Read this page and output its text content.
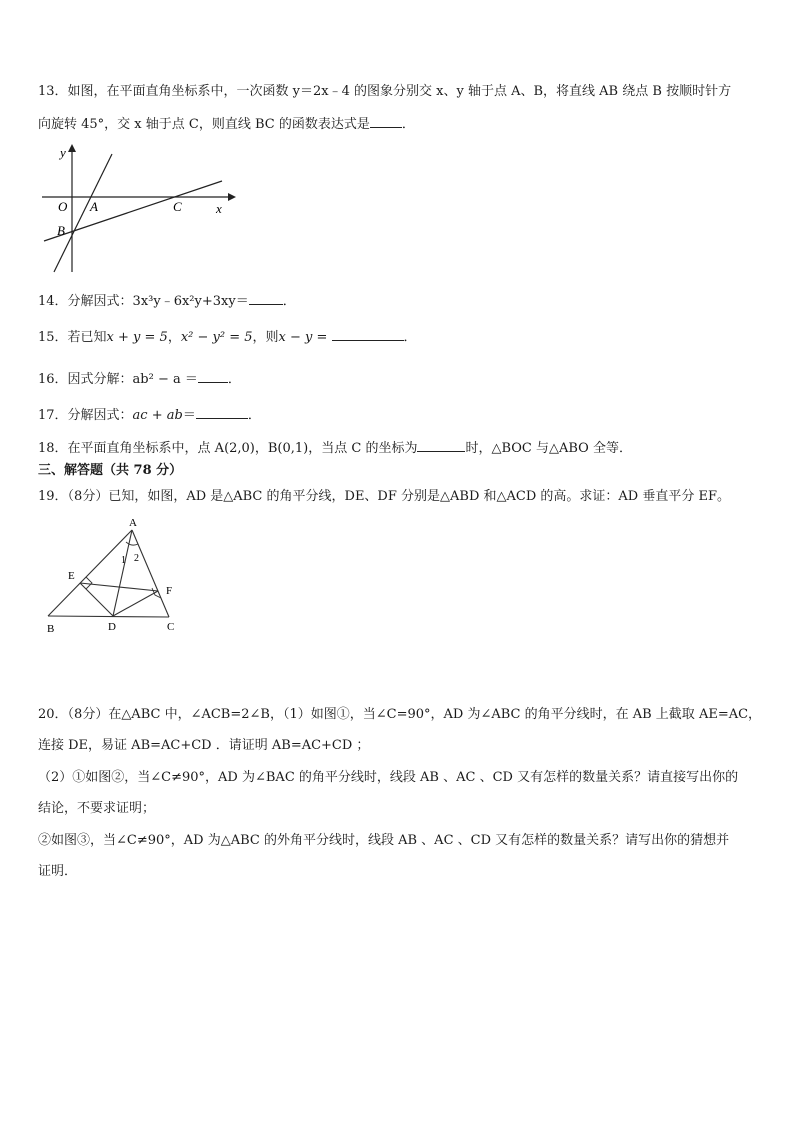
13．如图，在平面直角坐标系中，一次函数 y＝2x﹣4 的图象分别交 x、y 轴于点 A、B，将直线 AB 绕点 B 按顺时针方
向旋转 45°，交 x 轴于点 C，则直线 BC 的函数表达式是 ．
y
O A	C	x
B
14．分解因式：3x³y﹣6x²y+3xy＝	．
15．若已知x + y = 5，x² − y² = 5，则x − y =	．
16．因式分解：ab² − a ＝ ．
17．分解因式：ac + ab＝	．
18．在平面直角坐标系中，点 A(2,0)，B(0,1)，当点 C 的坐标为	时，△BOC 与△ABO 全等．
三、解答题（共 78 分）
19．（8分）已知，如图，AD 是△ABC 的角平分线，DE、DF 分别是△ABD 和△ACD 的高。求证：AD 垂直平分 EF。
A
E
F
B	D	C
1 2
20．（8分）在△ABC 中，∠ACB=2∠B，（1）如图①，当∠C=90°，AD 为∠ABC 的角平分线时，在 AB 上截取 AE=AC，
连接 DE，易证 AB=AC+CD ．请证明 AB=AC+CD ；
（2）①如图②，当∠C≠90°，AD 为∠BAC 的角平分线时，线段 AB 、AC 、CD 又有怎样的数量关系？请直接写出你的
结论，不要求证明；
②如图③，当∠C≠90°，AD 为△ABC 的外角平分线时，线段 AB 、AC 、CD 又有怎样的数量关系？请写出你的猜想并
证明．
